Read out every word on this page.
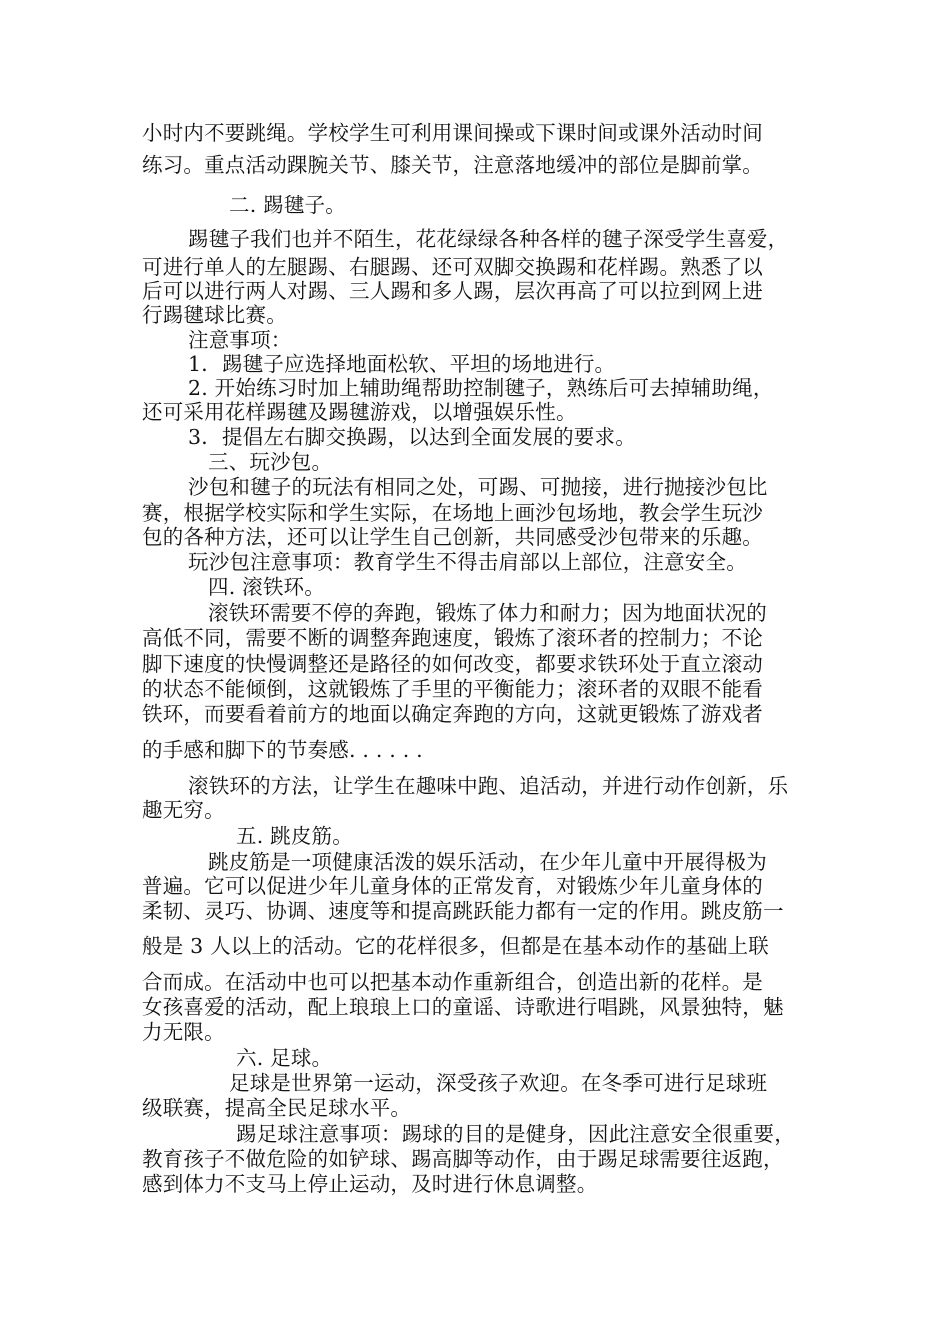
小时内不要跳绳。学校学生可利用课间操或下课时间或课外活动时间

练习。重点活动踝腕关节、膝关节，注意落地缓冲的部位是脚前掌。

二. 踢毽子。

踢毽子我们也并不陌生，花花绿绿各种各样的毽子深受学生喜爱，

可进行单人的左腿踢、右腿踢、还可双脚交换踢和花样踢。熟悉了以

后可以进行两人对踢、三人踢和多人踢，层次再高了可以拉到网上进

行踢毽球比赛。

注意事项：

1．踢毽子应选择地面松软、平坦的场地进行。

2. 开始练习时加上辅助绳帮助控制毽子，熟练后可去掉辅助绳，

还可采用花样踢毽及踢毽游戏，以增强娱乐性。

3．提倡左右脚交换踢，以达到全面发展的要求。

三、玩沙包。

沙包和毽子的玩法有相同之处，可踢、可抛接，进行抛接沙包比

赛，根据学校实际和学生实际，在场地上画沙包场地，教会学生玩沙

包的各种方法，还可以让学生自己创新，共同感受沙包带来的乐趣。

玩沙包注意事项：教育学生不得击肩部以上部位，注意安全。

四. 滚铁环。

滚铁环需要不停的奔跑，锻炼了体力和耐力；因为地面状况的

高低不同，需要不断的调整奔跑速度，锻炼了滚环者的控制力；不论

脚下速度的快慢调整还是路径的如何改变，都要求铁环处于直立滚动

的状态不能倾倒，这就锻炼了手里的平衡能力；滚环者的双眼不能看

铁环，而要看着前方的地面以确定奔跑的方向，这就更锻炼了游戏者

的手感和脚下的节奏感. . . . . .

滚铁环的方法，让学生在趣味中跑、追活动，并进行动作创新，乐

趣无穷。

五. 跳皮筋。

跳皮筋是一项健康活泼的娱乐活动，在少年儿童中开展得极为

普遍。它可以促进少年儿童身体的正常发育，对锻炼少年儿童身体的

柔韧、灵巧、协调、速度等和提高跳跃能力都有一定的作用。跳皮筋一

般是 3 人以上的活动。它的花样很多，但都是在基本动作的基础上联

合而成。在活动中也可以把基本动作重新组合，创造出新的花样。是

女孩喜爱的活动，配上琅琅上口的童谣、诗歌进行唱跳，风景独特，魅

力无限。

六. 足球。

足球是世界第一运动，深受孩子欢迎。在冬季可进行足球班

级联赛，提高全民足球水平。

踢足球注意事项：踢球的目的是健身，因此注意安全很重要，

教育孩子不做危险的如铲球、踢高脚等动作，由于踢足球需要往返跑，

感到体力不支马上停止运动，及时进行休息调整。
